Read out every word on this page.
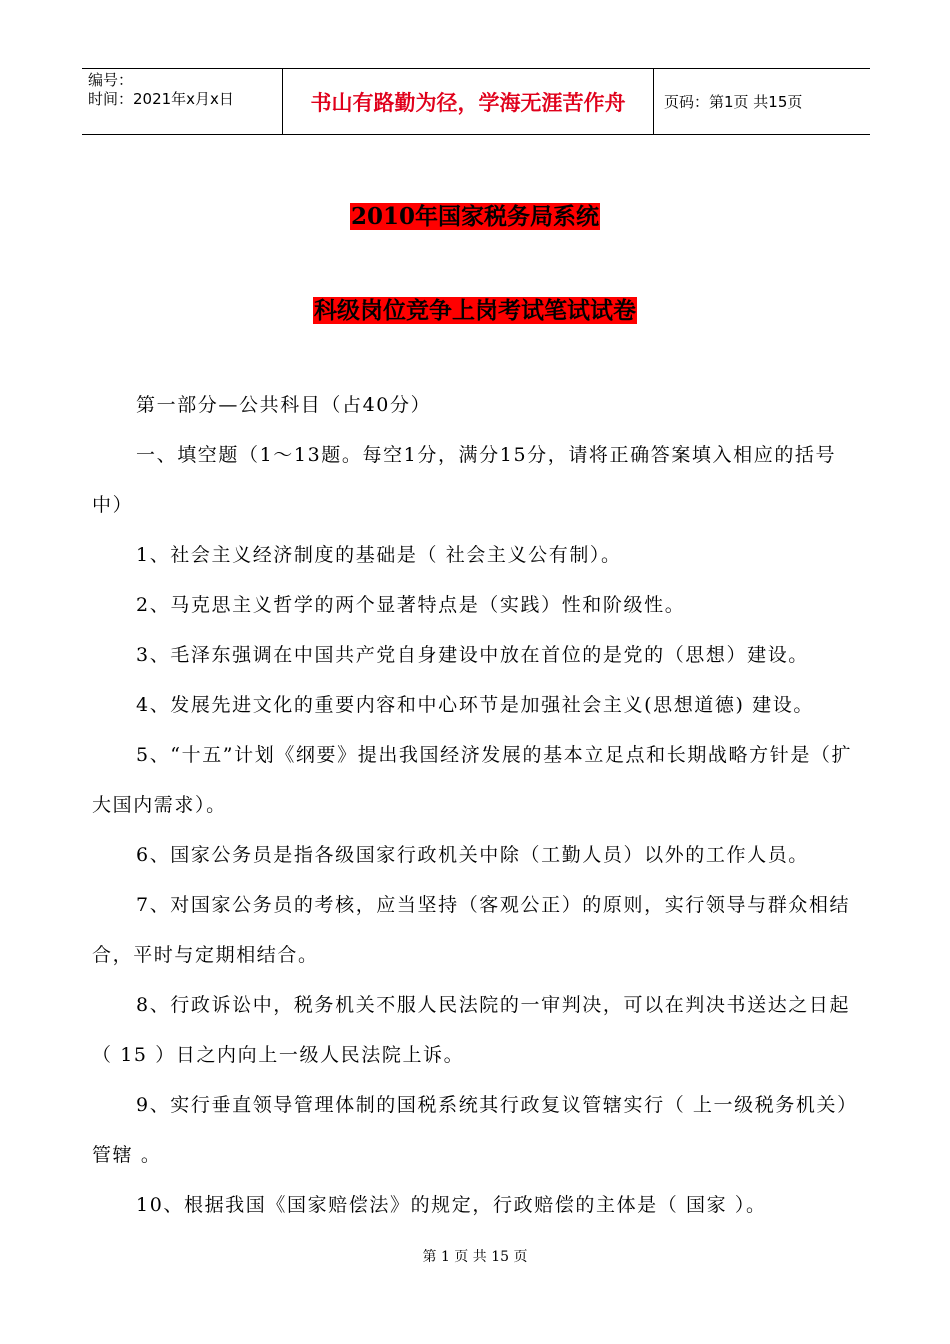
编号：
时间：2021年x月x日	书山有路勤为径，学海无涯苦作舟	页码：第1页 共15页
2010年国家税务局系统
科级岗位竞争上岗考试笔试试卷

第一部分—公共科目（占40分）

一、填空题（1～13题。每空1分，满分15分，请将正确答案填入相应的括号中）

1、社会主义经济制度的基础是（ 社会主义公有制）。

2、马克思主义哲学的两个显著特点是（实践）性和阶级性。

3、毛泽东强调在中国共产党自身建设中放在首位的是党的（思想）建设。

4、发展先进文化的重要内容和中心环节是加强社会主义(思想道德) 建设。

5、“十五”计划《纲要》提出我国经济发展的基本立足点和长期战略方针是（扩大国内需求）。

6、国家公务员是指各级国家行政机关中除（工勤人员）以外的工作人员。

7、对国家公务员的考核，应当坚持（客观公正）的原则，实行领导与群众相结合，平时与定期相结合。

8、行政诉讼中，税务机关不服人民法院的一审判决，可以在判决书送达之日起（ 15 ）日之内向上一级人民法院上诉。

9、实行垂直领导管理体制的国税系统其行政复议管辖实行（ 上一级税务机关）管辖 。

10、根据我国《国家赔偿法》的规定，行政赔偿的主体是（ 国家 ）。

第 1 页 共 15 页
